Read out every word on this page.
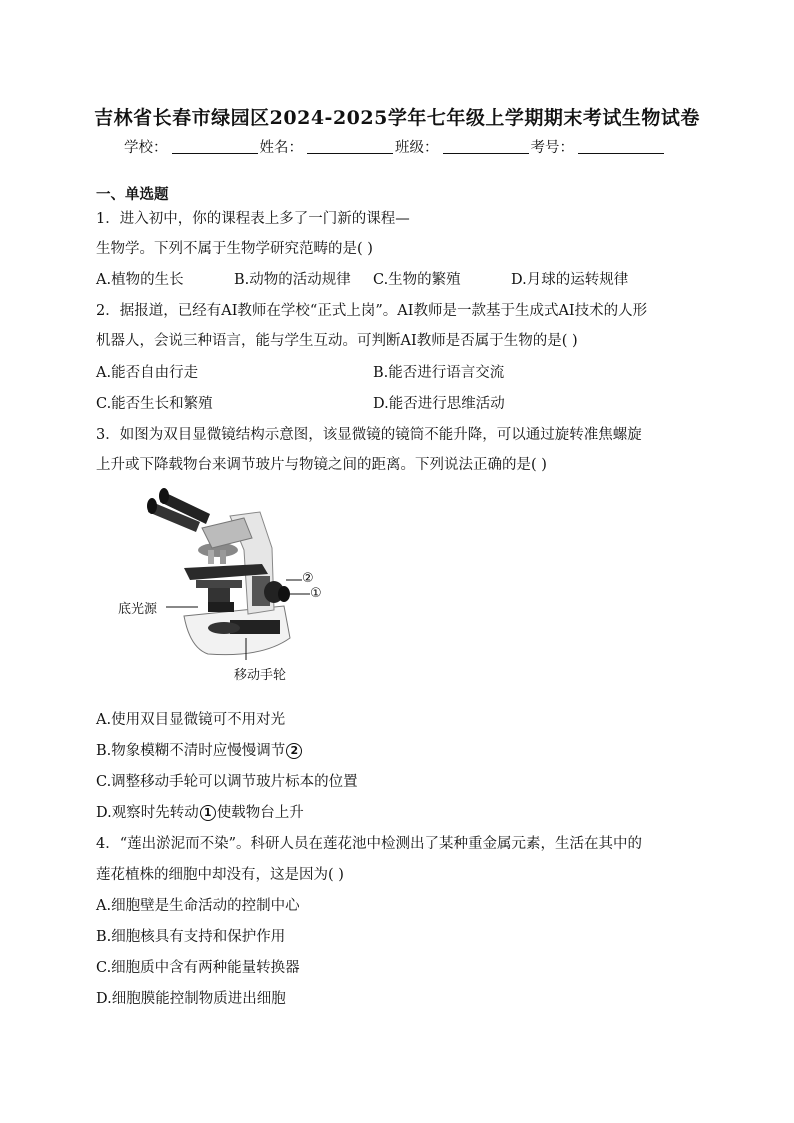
吉林省长春市绿园区2024-2025学年七年级上学期期末考试生物试卷
学校：	姓名：	班级：	考号：
一、单选题
1．进入初中，你的课程表上多了一门新的课程—
生物学。下列不属于生物学研究范畴的是( )
A.植物的生长	B.动物的活动规律 C.生物的繁殖	D.月球的运转规律
2．据报道，已经有AI教师在学校“正式上岗”。AI教师是一款基于生成式AI技术的人形
机器人，会说三种语言，能与学生互动。可判断AI教师是否属于生物的是( )
A.能否自由行走	B.能否进行语言交流
C.能否生长和繁殖	D.能否进行思维活动
3．如图为双目显微镜结构示意图，该显微镜的镜筒不能升降，可以通过旋转准焦螺旋
上升或下降载物台来调节玻片与物镜之间的距离。下列说法正确的是( )
②
①
底光源
移动手轮
A.使用双目显微镜可不用对光
B.物象模糊不清时应慢慢调节 2
C.调整移动手轮可以调节玻片标本的位置
D.观察时先转动 1 使载物台上升
4．“莲出淤泥而不染”。科研人员在莲花池中检测出了某种重金属元素，生活在其中的
莲花植株的细胞中却没有，这是因为( )
A.细胞壁是生命活动的控制中心
B.细胞核具有支持和保护作用
C.细胞质中含有两种能量转换器
D.细胞膜能控制物质进出细胞
